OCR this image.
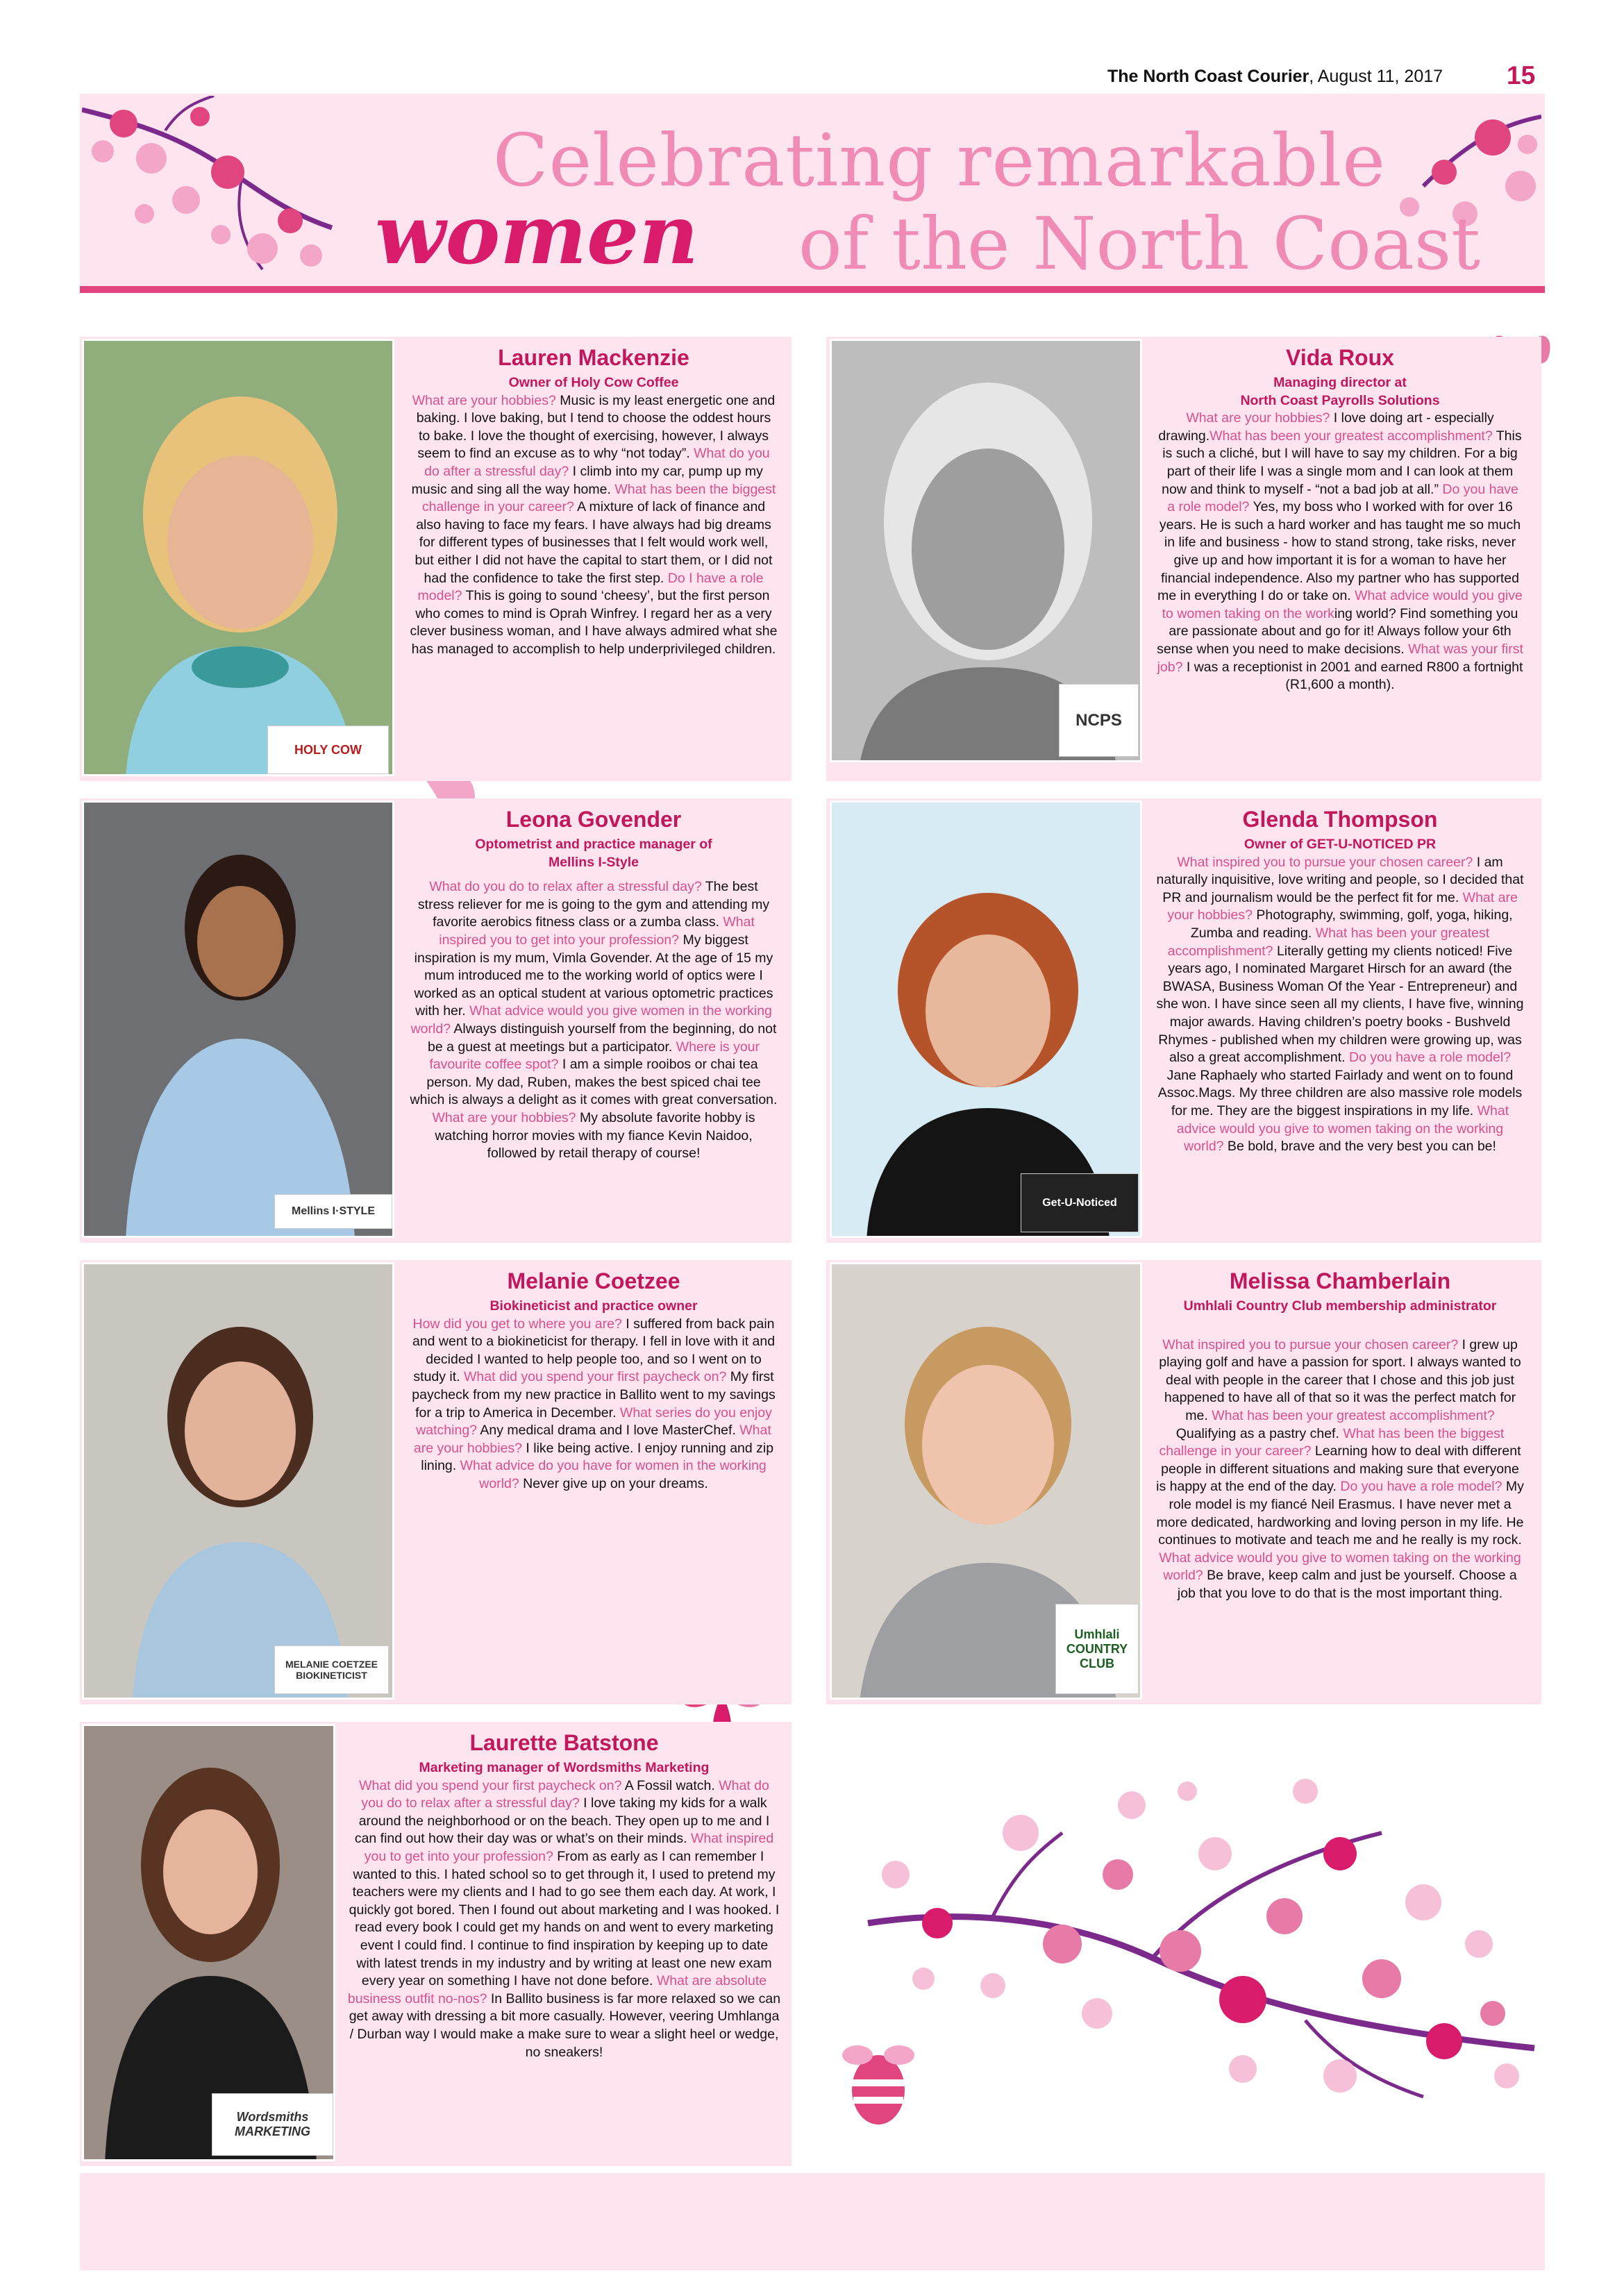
The North Coast Courier, August 11, 2017	15
Celebrating remarkable
women of the North Coast
HOLY COW
Lauren Mackenzie
Owner of Holy Cow Coffee
What are your hobbies? Music is my least energetic one and baking. I love baking, but I tend to choose the oddest hours to bake. I love the thought of exercising, however, I always seem to find an excuse as to why “not today”. What do you do after a stressful day? I climb into my car, pump up my music and sing all the way home. What has been the biggest challenge in your career? A mixture of lack of finance and also having to face my fears. I have always had big dreams for different types of businesses that I felt would work well, but either I did not have the capital to start them, or I did not had the confidence to take the first step. Do I have a role model? This is going to sound ‘cheesy’, but the first person who comes to mind is Oprah Winfrey. I regard her as a very clever business woman, and I have always admired what she has managed to accomplish to help underprivileged children.
NCPS
Vida Roux
Managing director at
North Coast Payrolls Solutions
What are your hobbies? I love doing art - especially drawing.What has been your greatest accomplishment? This is such a cliché, but I will have to say my children. For a big part of their life I was a single mom and I can look at them now and think to myself - “not a bad job at all.” Do you have a role model? Yes, my boss who I worked with for over 16 years. He is such a hard worker and has taught me so much in life and business - how to stand strong, take risks, never give up and how important it is for a woman to have her financial independence. Also my partner who has supported me in everything I do or take on. What advice would you give to women taking on the working world? Find something you are passionate about and go for it! Always follow your 6th sense when you need to make decisions. What was your first job? I was a receptionist in 2001 and earned R800 a fortnight (R1,600 a month).
Mellins I·STYLE
Leona Govender
Optometrist and practice manager of
Mellins I-Style
What do you do to relax after a stressful day? The best stress reliever for me is going to the gym and attending my favorite aerobics fitness class or a zumba class. What inspired you to get into your profession? My biggest inspiration is my mum, Vimla Govender. At the age of 15 my mum introduced me to the working world of optics were I worked as an optical student at various optometric practices with her. What advice would you give women in the working world? Always distinguish yourself from the beginning, do not be a guest at meetings but a participator. Where is your favourite coffee spot? I am a simple rooibos or chai tea person. My dad, Ruben, makes the best spiced chai tee which is always a delight as it comes with great conversation. What are your hobbies? My absolute favorite hobby is watching horror movies with my fiance Kevin Naidoo, followed by retail therapy of course!
Get-U-Noticed
Glenda Thompson
Owner of GET-U-NOTICED PR
What inspired you to pursue your chosen career? I am naturally inquisitive, love writing and people, so I decided that PR and journalism would be the perfect fit for me. What are your hobbies? Photography, swimming, golf, yoga, hiking, Zumba and reading. What has been your greatest accomplishment? Literally getting my clients noticed! Five years ago, I nominated Margaret Hirsch for an award (the BWASA, Business Woman Of the Year - Entrepreneur) and she won. I have since seen all my clients, I have five, winning major awards. Having children’s poetry books - Bushveld Rhymes - published when my children were growing up, was also a great accomplishment. Do you have a role model? Jane Raphaely who started Fairlady and went on to found Assoc.Mags. My three children are also massive role models for me. They are the biggest inspirations in my life. What advice would you give to women taking on the working world? Be bold, brave and the very best you can be!
MELANIE COETZEE BIOKINETICIST
Melanie Coetzee
Biokineticist and practice owner
How did you get to where you are? I suffered from back pain and went to a biokineticist for therapy. I fell in love with it and decided I wanted to help people too, and so I went on to study it. What did you spend your first paycheck on? My first paycheck from my new practice in Ballito went to my savings for a trip to America in December. What series do you enjoy watching? Any medical drama and I love MasterChef. What are your hobbies? I like being active. I enjoy running and zip lining. What advice do you have for women in the working world? Never give up on your dreams.
Umhlali COUNTRY CLUB
Melissa Chamberlain
Umhlali Country Club membership administrator
What inspired you to pursue your chosen career? I grew up playing golf and have a passion for sport. I always wanted to deal with people in the career that I chose and this job just happened to have all of that so it was the perfect match for me. What has been your greatest accomplishment? Qualifying as a pastry chef. What has been the biggest challenge in your career? Learning how to deal with different people in different situations and making sure that everyone is happy at the end of the day. Do you have a role model? My role model is my fiancé Neil Erasmus. I have never met a more dedicated, hardworking and loving person in my life. He continues to motivate and teach me and he really is my rock. What advice would you give to women taking on the working world? Be brave, keep calm and just be yourself. Choose a job that you love to do that is the most important thing.
Wordsmiths MARKETING
Laurette Batstone
Marketing manager of Wordsmiths Marketing
What did you spend your first paycheck on? A Fossil watch. What do you do to relax after a stressful day? I love taking my kids for a walk around the neighborhood or on the beach. They open up to me and I can find out how their day was or what’s on their minds. What inspired you to get into your profession? From as early as I can remember I wanted to this. I hated school so to get through it, I used to pretend my teachers were my clients and I had to go see them each day. At work, I quickly got bored. Then I found out about marketing and I was hooked. I read every book I could get my hands on and went to every marketing event I could find. I continue to find inspiration by keeping up to date with latest trends in my industry and by writing at least one new exam every year on something I have not done before. What are absolute business outfit no-nos? In Ballito business is far more relaxed so we can get away with dressing a bit more casually. However, veering Umhlanga / Durban way I would make a make sure to wear a slight heel or wedge, no sneakers!
